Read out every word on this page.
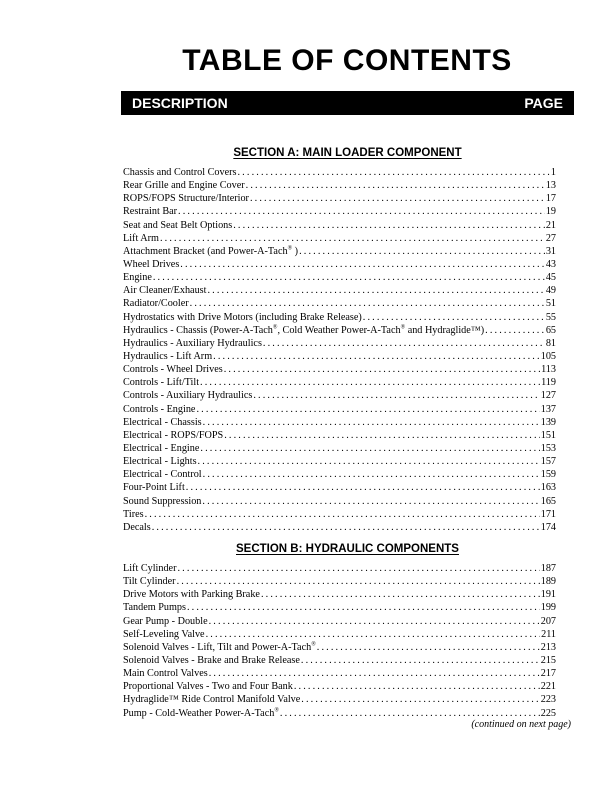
TABLE OF CONTENTS
DESCRIPTION	PAGE
SECTION A: MAIN LOADER COMPONENT
Chassis and Control Covers . . .	1
Rear Grille and Engine Cover . . .	13
ROPS/FOPS Structure/Interior . . .	17
Restraint Bar . . .	19
Seat and Seat Belt Options . . .	21
Lift Arm . . .	27
Attachment Bracket (and Power-A-Tach® ) . . .	31
Wheel Drives . . .	43
Engine . . .	45
Air Cleaner/Exhaust . . .	49
Radiator/Cooler . . .	51
Hydrostatics with Drive Motors (including Brake Release) . . .	55
Hydraulics - Chassis (Power-A-Tach®, Cold Weather Power-A-Tach® and Hydraglide™) . . .	65
Hydraulics - Auxiliary Hydraulics . . .	81
Hydraulics - Lift Arm . . .	105
Controls - Wheel Drives . . .	113
Controls - Lift/Tilt . . .	119
Controls - Auxiliary Hydraulics . . .	127
Controls - Engine . . .	137
Electrical - Chassis . . .	139
Electrical - ROPS/FOPS . . .	151
Electrical - Engine . . .	153
Electrical - Lights . . .	157
Electrical - Control . . .	159
Four-Point Lift . . .	163
Sound Suppression . . .	165
Tires . . .	171
Decals . . .	174
SECTION B: HYDRAULIC COMPONENTS
Lift Cylinder . . .	187
Tilt Cylinder . . .	189
Drive Motors with Parking Brake . . .	191
Tandem Pumps . . .	199
Gear Pump - Double . . .	207
Self-Leveling Valve . . .	211
Solenoid Valves - Lift, Tilt and Power-A-Tach® . . .	213
Solenoid Valves - Brake and Brake Release . . .	215
Main Control Valves . . .	217
Proportional Valves - Two and Four Bank . . .	221
Hydraglide™ Ride Control Manifold Valve . . .	223
Pump - Cold-Weather Power-A-Tach® . . .	225
(continued on next page)
